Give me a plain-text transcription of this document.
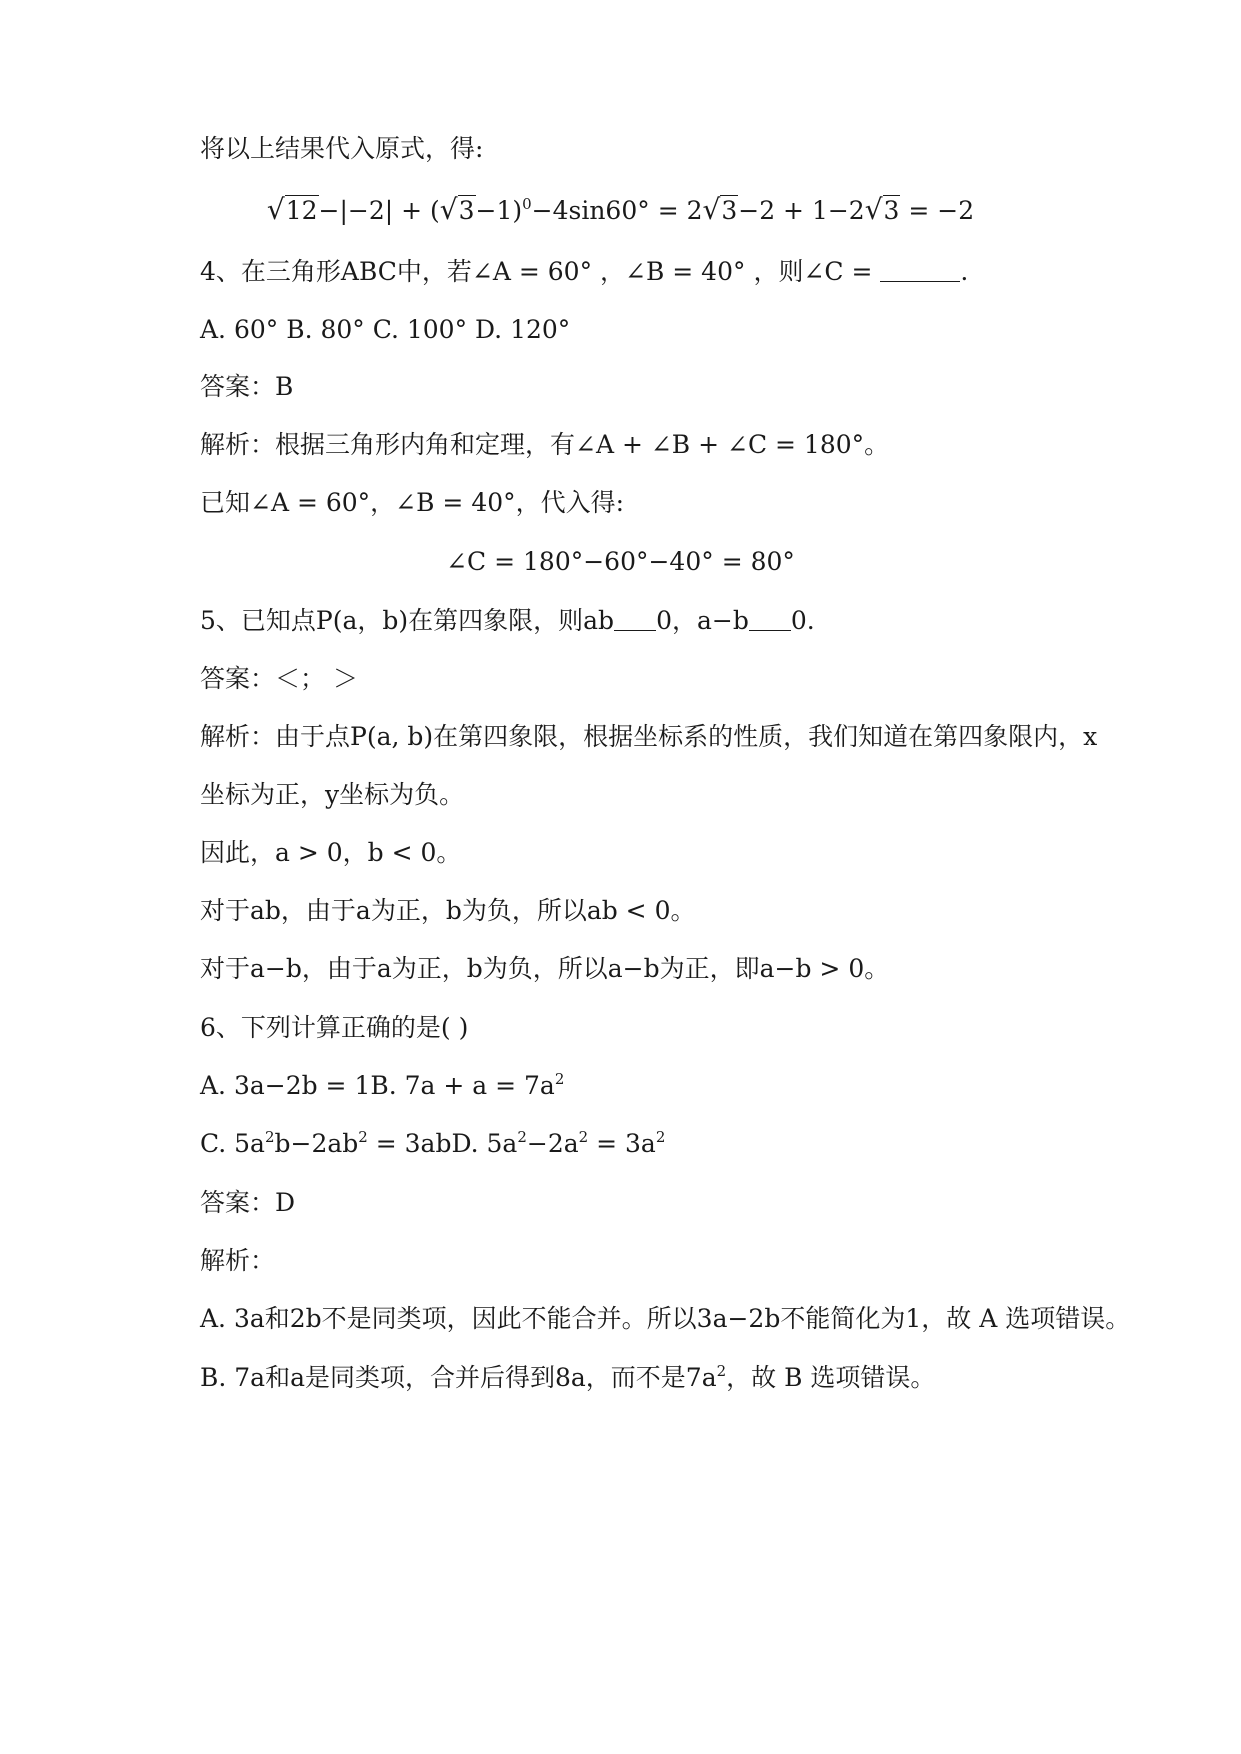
将以上结果代入原式，得:
$√12-|-2| + (√3-1)^0-4\sin 60^\circ = 2√3-2 + 1-2√3 = -2$
4、在三角形ABC中，若∠A = 60° ，∠B = 40° ，则∠C =	.
A. 60° B. 80° C. 100° D. 120°
答案：B
解析：根据三角形内角和定理，有∠A + ∠B + ∠C = 180°。
已知∠A = 60°，∠B = 40°，代入得:
∠C = 180°−60°−40° = 80°
5、已知点P(a，b)在第四象限，则ab 0，a−b 0.
答案：＜； ＞
解析：由于点P(a, b)在第四象限，根据坐标系的性质，我们知道在第四象限内，x
坐标为正，y坐标为负。
因此，a > 0，b < 0。
对于ab，由于a为正，b为负，所以ab < 0。
对于a−b，由于a为正，b为负，所以a−b为正，即a−b > 0。
6、下列计算正确的是( )
A. 3a−2b = 1B. $7a + a = 7a^2$
C. $5a^2b-2ab^2 = 3abD$. $5a^2-2a^2 = 3a^2$
答案：D
解析：
A. 3a和2b不是同类项，因此不能合并。所以3a−2b不能简化为1，故 A 选项错误。
B. 7a和a是同类项，合并后得到8a，而不是$7a^2$，故 B 选项错误。
